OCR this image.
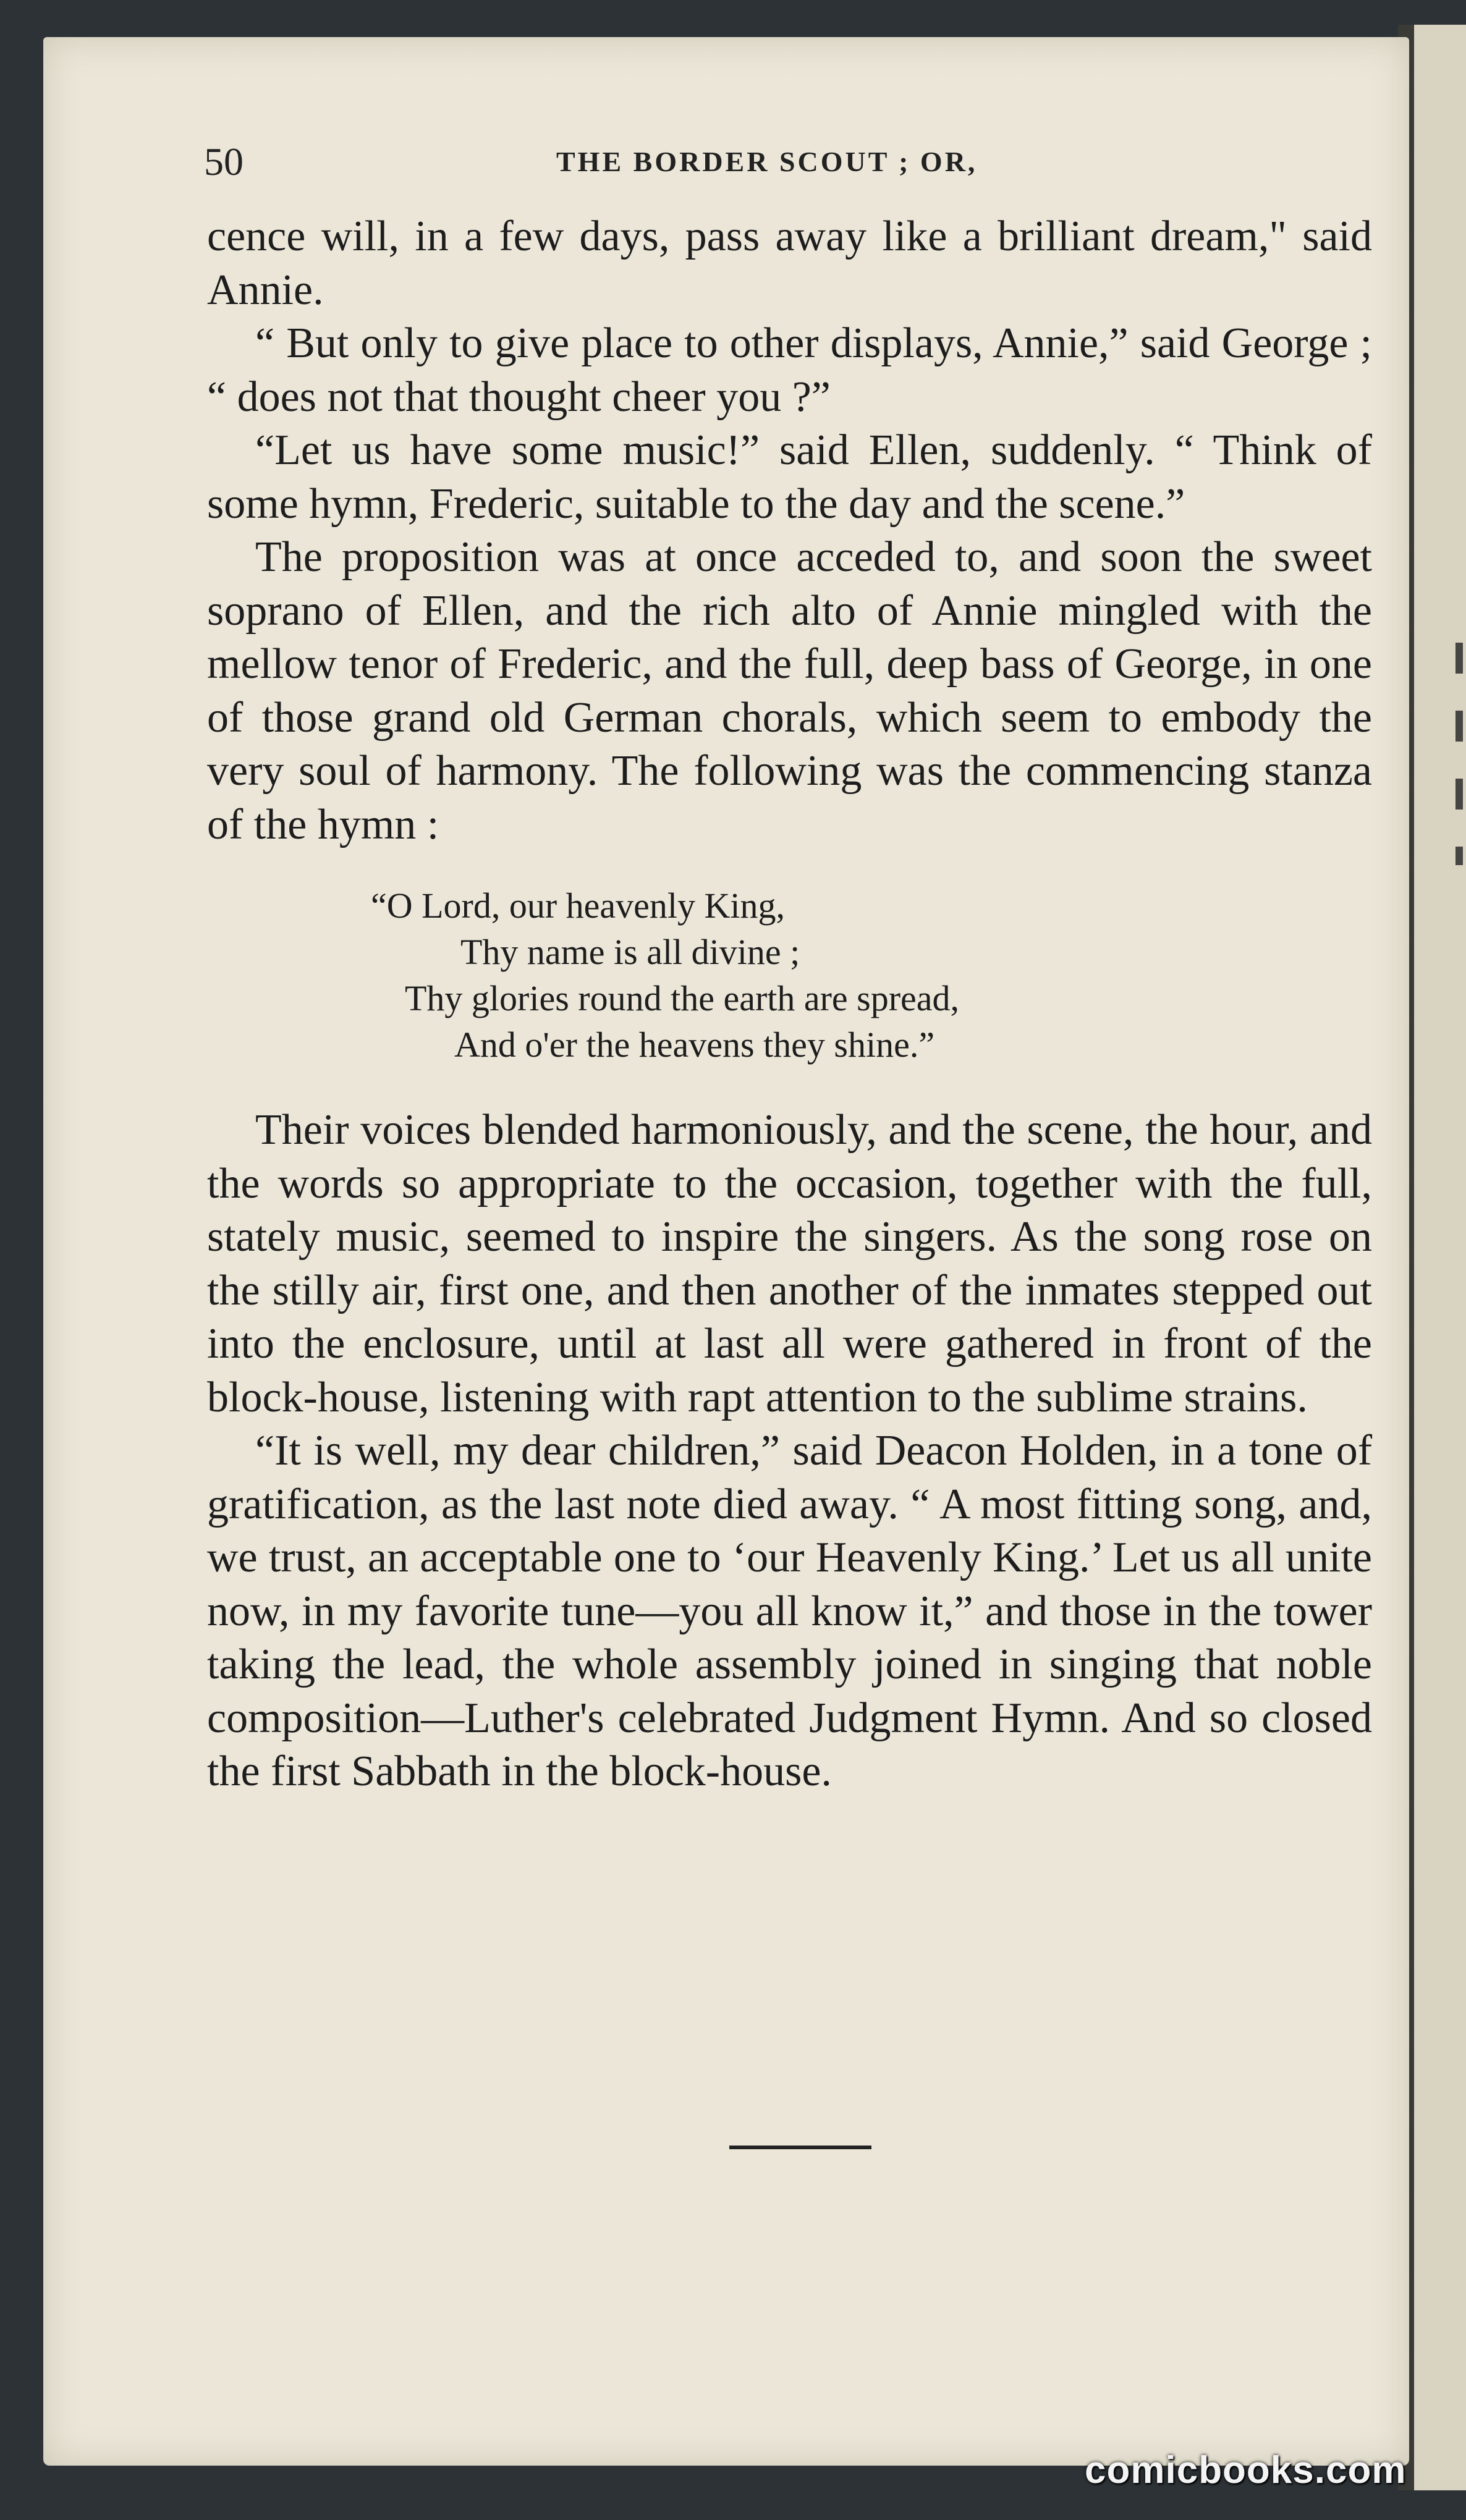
50	THE BORDER SCOUT ; OR,

cence will, in a few days, pass away like a brilliant dream," said Annie.

“ But only to give place to other displays, Annie,” said George ; “ does not that thought cheer you ?”

“Let us have some music!” said Ellen, suddenly. “ Think of some hymn, Frederic, suitable to the day and the scene.”

The proposition was at once acceded to, and soon the sweet soprano of Ellen, and the rich alto of Annie mingled with the mellow tenor of Frederic, and the full, deep bass of George, in one of those grand old German chorals, which seem to embody the very soul of harmony. The following was the commencing stanza of the hymn :

“O Lord, our heavenly King,
Thy name is all divine ;
Thy glories round the earth are spread,
And o'er the heavens they shine.”

Their voices blended harmoniously, and the scene, the hour, and the words so appropriate to the occasion, together with the full, stately music, seemed to inspire the singers. As the song rose on the stilly air, first one, and then another of the inmates stepped out into the enclosure, until at last all were gathered in front of the block-house, listening with rapt attention to the sublime strains.

“It is well, my dear children,” said Deacon Holden, in a tone of gratification, as the last note died away. “ A most fitting song, and, we trust, an acceptable one to ‘our Heavenly King.’ Let us all unite now, in my favorite tune—you all know it,” and those in the tower taking the lead, the whole assembly joined in singing that noble composition—Luther's celebrated Judgment Hymn. And so closed the first Sabbath in the block-house.

comicbooks.com
